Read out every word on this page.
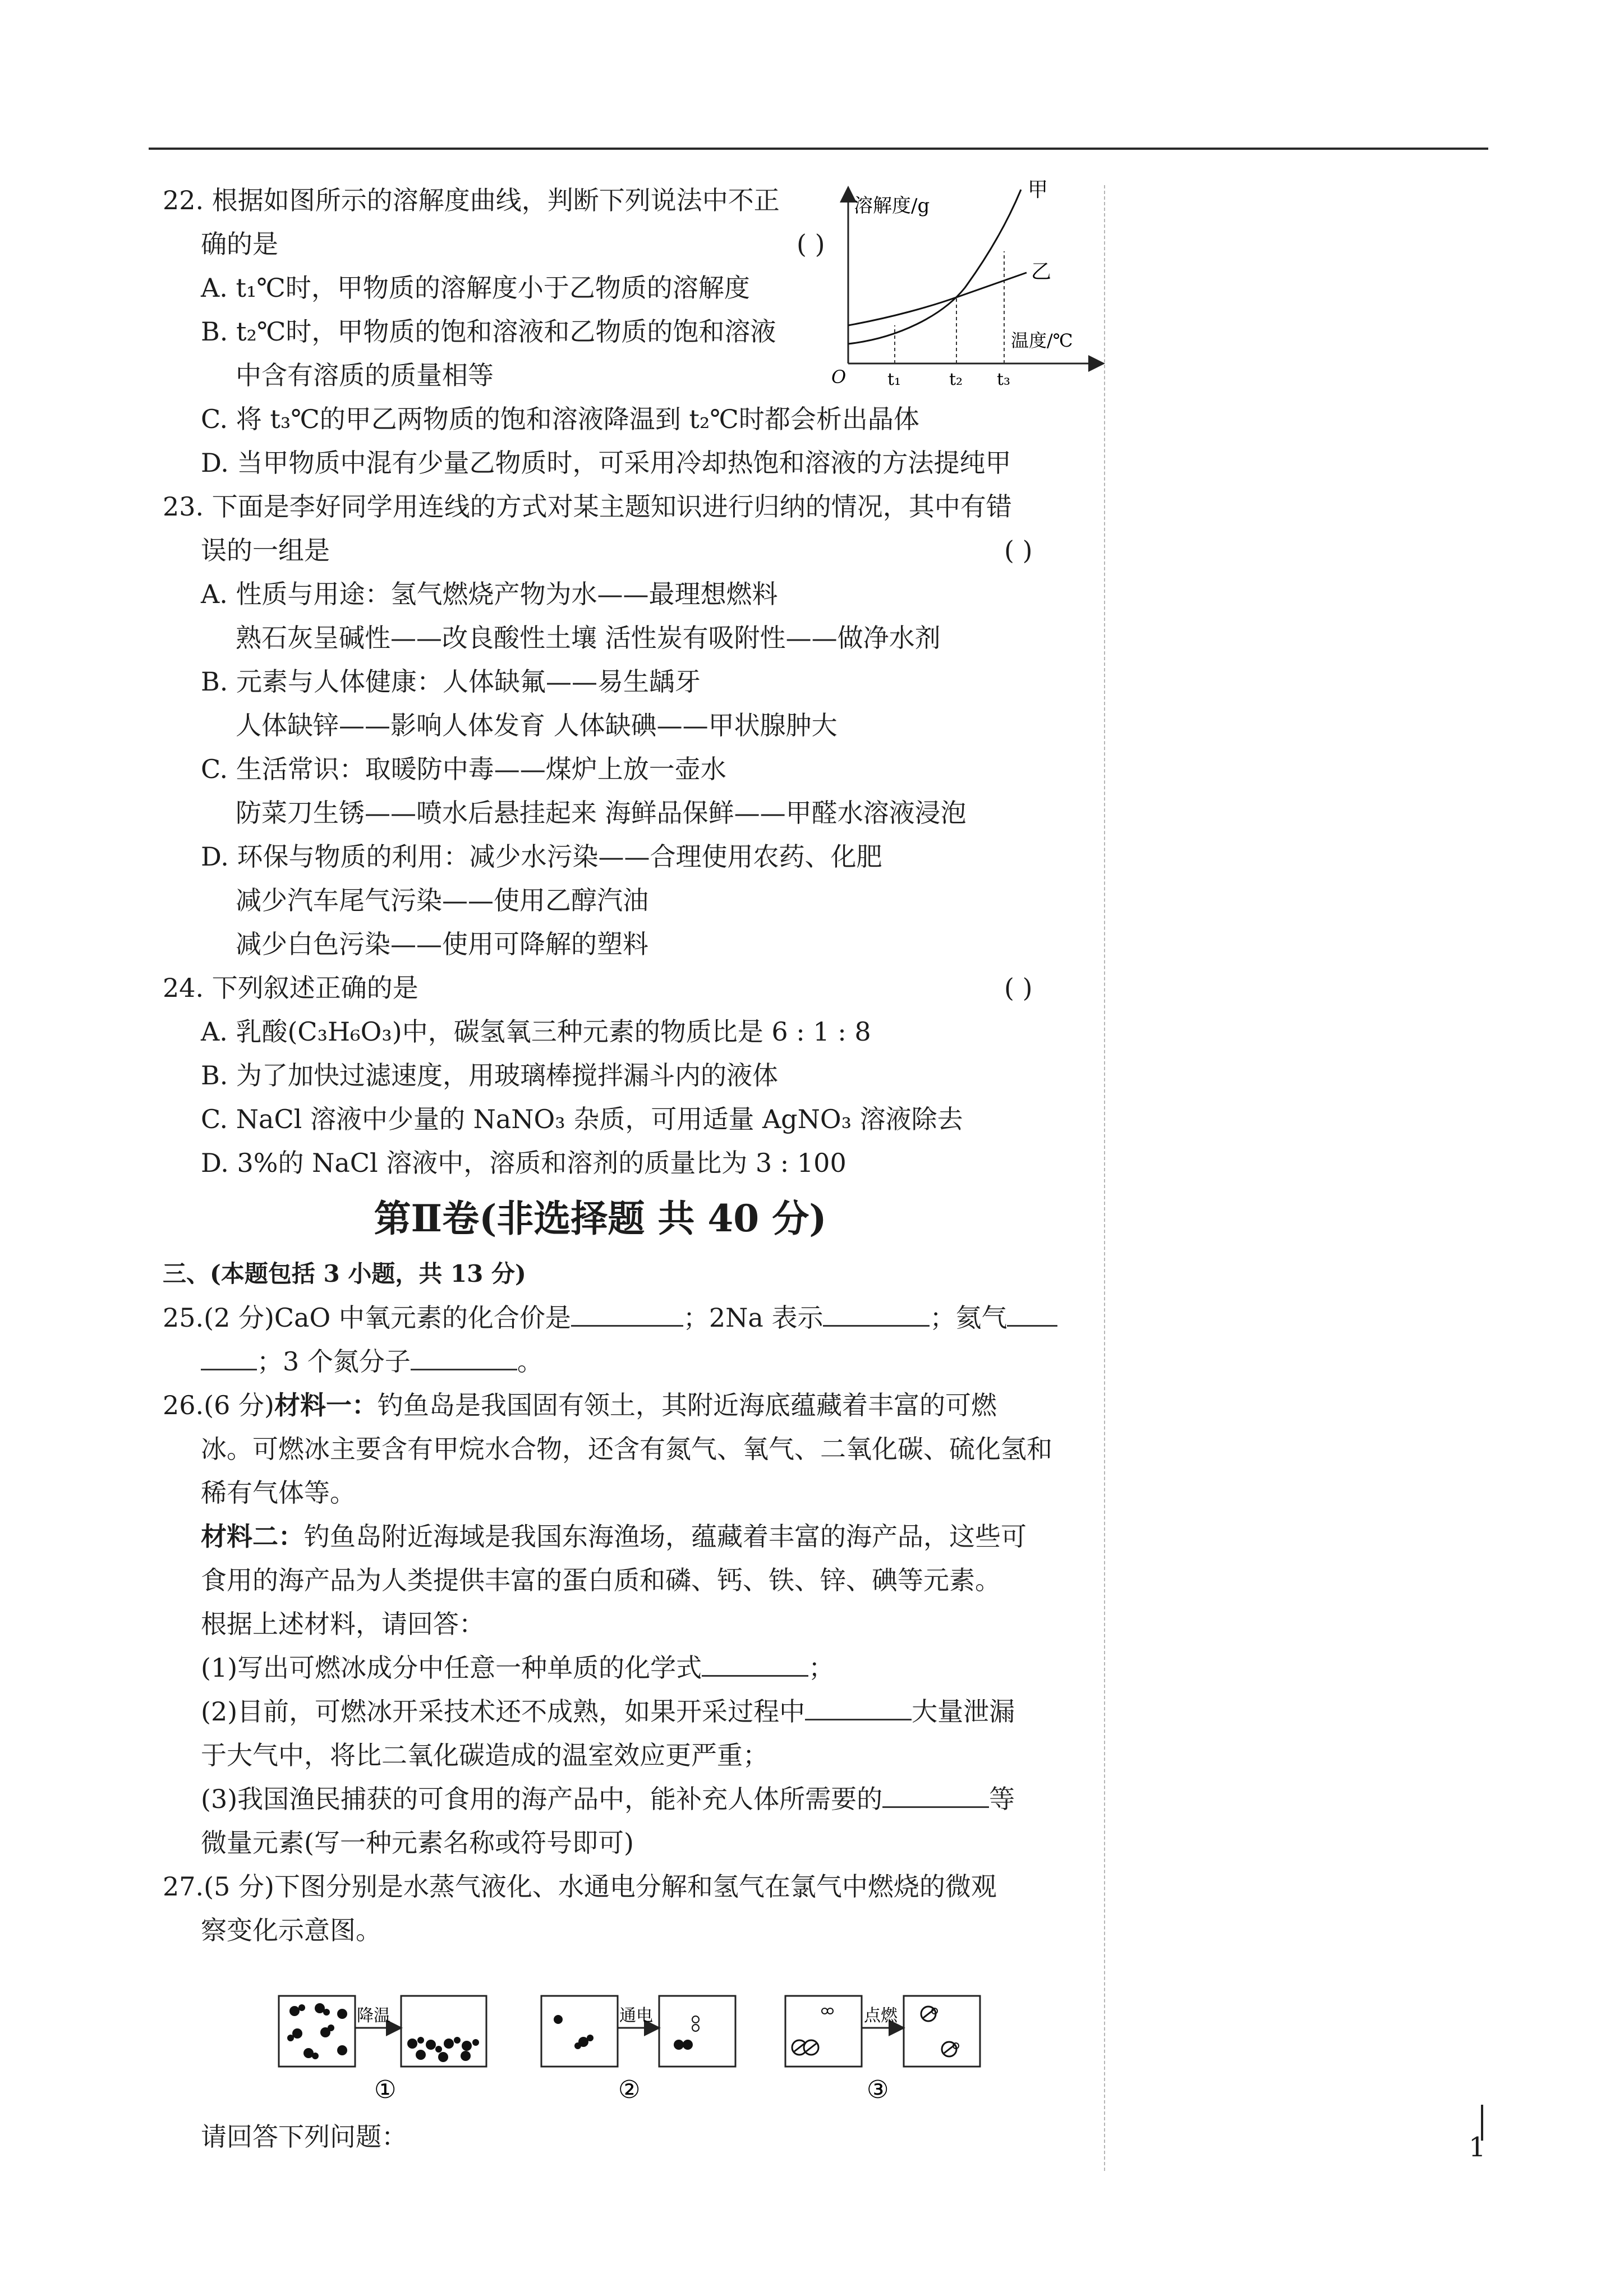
22. 根据如图所示的溶解度曲线，判断下列说法中不正
确的是	( )
A. t₁℃时，甲物质的溶解度小于乙物质的溶解度
B. t₂℃时，甲物质的饱和溶液和乙物质的饱和溶液
中含有溶质的质量相等
C. 将 t₃℃的甲乙两物质的饱和溶液降温到 t₂℃时都会析出晶体
D. 当甲物质中混有少量乙物质时，可采用冷却热饱和溶液的方法提纯甲
23. 下面是李好同学用连线的方式对某主题知识进行归纳的情况，其中有错
误的一组是	( )
A. 性质与用途：氢气燃烧产物为水——最理想燃料
熟石灰呈碱性——改良酸性土壤 活性炭有吸附性——做净水剂
B. 元素与人体健康：人体缺氟——易生龋牙
人体缺锌——影响人体发育 人体缺碘——甲状腺肿大
C. 生活常识：取暖防中毒——煤炉上放一壶水
防菜刀生锈——喷水后悬挂起来 海鲜品保鲜——甲醛水溶液浸泡
D. 环保与物质的利用：减少水污染——合理使用农药、化肥
减少汽车尾气污染——使用乙醇汽油
减少白色污染——使用可降解的塑料
24. 下列叙述正确的是	( )
A. 乳酸(C₃H₆O₃)中，碳氢氧三种元素的物质比是 6 : 1 : 8
B. 为了加快过滤速度，用玻璃棒搅拌漏斗内的液体
C. NaCl 溶液中少量的 NaNO₃ 杂质，可用适量 AgNO₃ 溶液除去
D. 3%的 NaCl 溶液中，溶质和溶剂的质量比为 3 : 100
第Ⅱ卷(非选择题 共 40 分)
三、(本题包括 3 小题，共 13 分)
25.(2 分)CaO 中氧元素的化合价是	；2Na 表示	；氦气
；3 个氮分子	。
26.(6 分)材料一：钓鱼岛是我国固有领土，其附近海底蕴藏着丰富的可燃
冰。可燃冰主要含有甲烷水合物，还含有氮气、氧气、二氧化碳、硫化氢和
稀有气体等。
材料二：钓鱼岛附近海域是我国东海渔场，蕴藏着丰富的海产品，这些可
食用的海产品为人类提供丰富的蛋白质和磷、钙、铁、锌、碘等元素。
根据上述材料，请回答：
(1)写出可燃冰成分中任意一种单质的化学式	；
(2)目前，可燃冰开采技术还不成熟，如果开采过程中	大量泄漏
于大气中，将比二氧化碳造成的温室效应更严重；
(3)我国渔民捕获的可食用的海产品中，能补充人体所需要的	等
微量元素(写一种元素名称或符号即可)
27.(5 分)下图分别是水蒸气液化、水通电分解和氢气在氯气中燃烧的微观
察变化示意图。
溶解度/g
温度/℃
O
甲
乙
t₁	t₂ t₃
降温
①
通电
②
点燃
③
请回答下列问题：	1
